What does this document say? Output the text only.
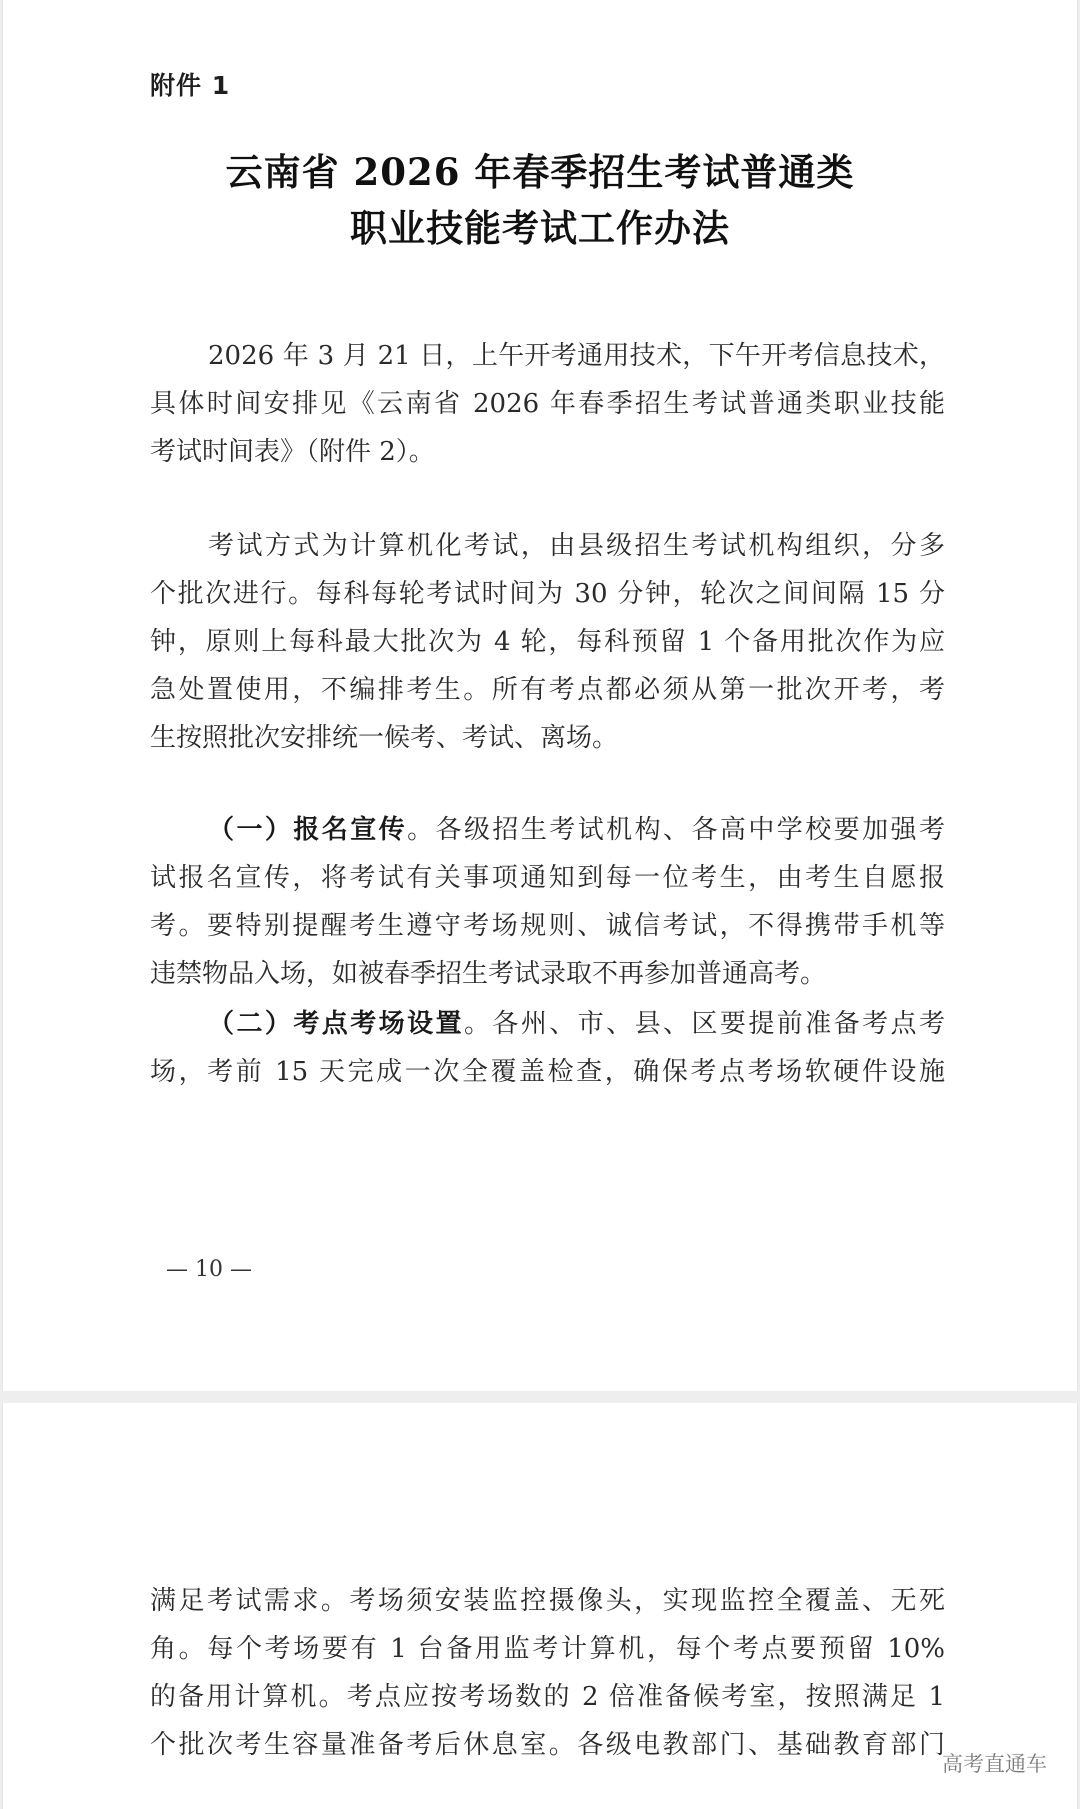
附件 1
云南省 2026 年春季招生考试普通类
职业技能考试工作办法
2026 年 3 月 21 日，上午开考通用技术，下午开考信息技术，
具体时间安排见《云南省 2026 年春季招生考试普通类职业技能
考试时间表》（附件 2）。
考试方式为计算机化考试，由县级招生考试机构组织，分多
个批次进行。每科每轮考试时间为 30 分钟，轮次之间间隔 15 分
钟，原则上每科最大批次为 4 轮，每科预留 1 个备用批次作为应
急处置使用，不编排考生。所有考点都必须从第一批次开考，考
生按照批次安排统一候考、考试、离场。
（一）报名宣传。各级招生考试机构、各高中学校要加强考
试报名宣传，将考试有关事项通知到每一位考生，由考生自愿报
考。要特别提醒考生遵守考场规则、诚信考试，不得携带手机等
违禁物品入场，如被春季招生考试录取不再参加普通高考。
（二）考点考场设置。各州、市、县、区要提前准备考点考
场，考前 15 天完成一次全覆盖检查，确保考点考场软硬件设施
— 10 —
满足考试需求。考场须安装监控摄像头，实现监控全覆盖、无死
角。每个考场要有 1 台备用监考计算机，每个考点要预留 10%
的备用计算机。考点应按考场数的 2 倍准备候考室，按照满足 1
个批次考生容量准备考后休息室。各级电教部门、基础教育部门
高考直通车
